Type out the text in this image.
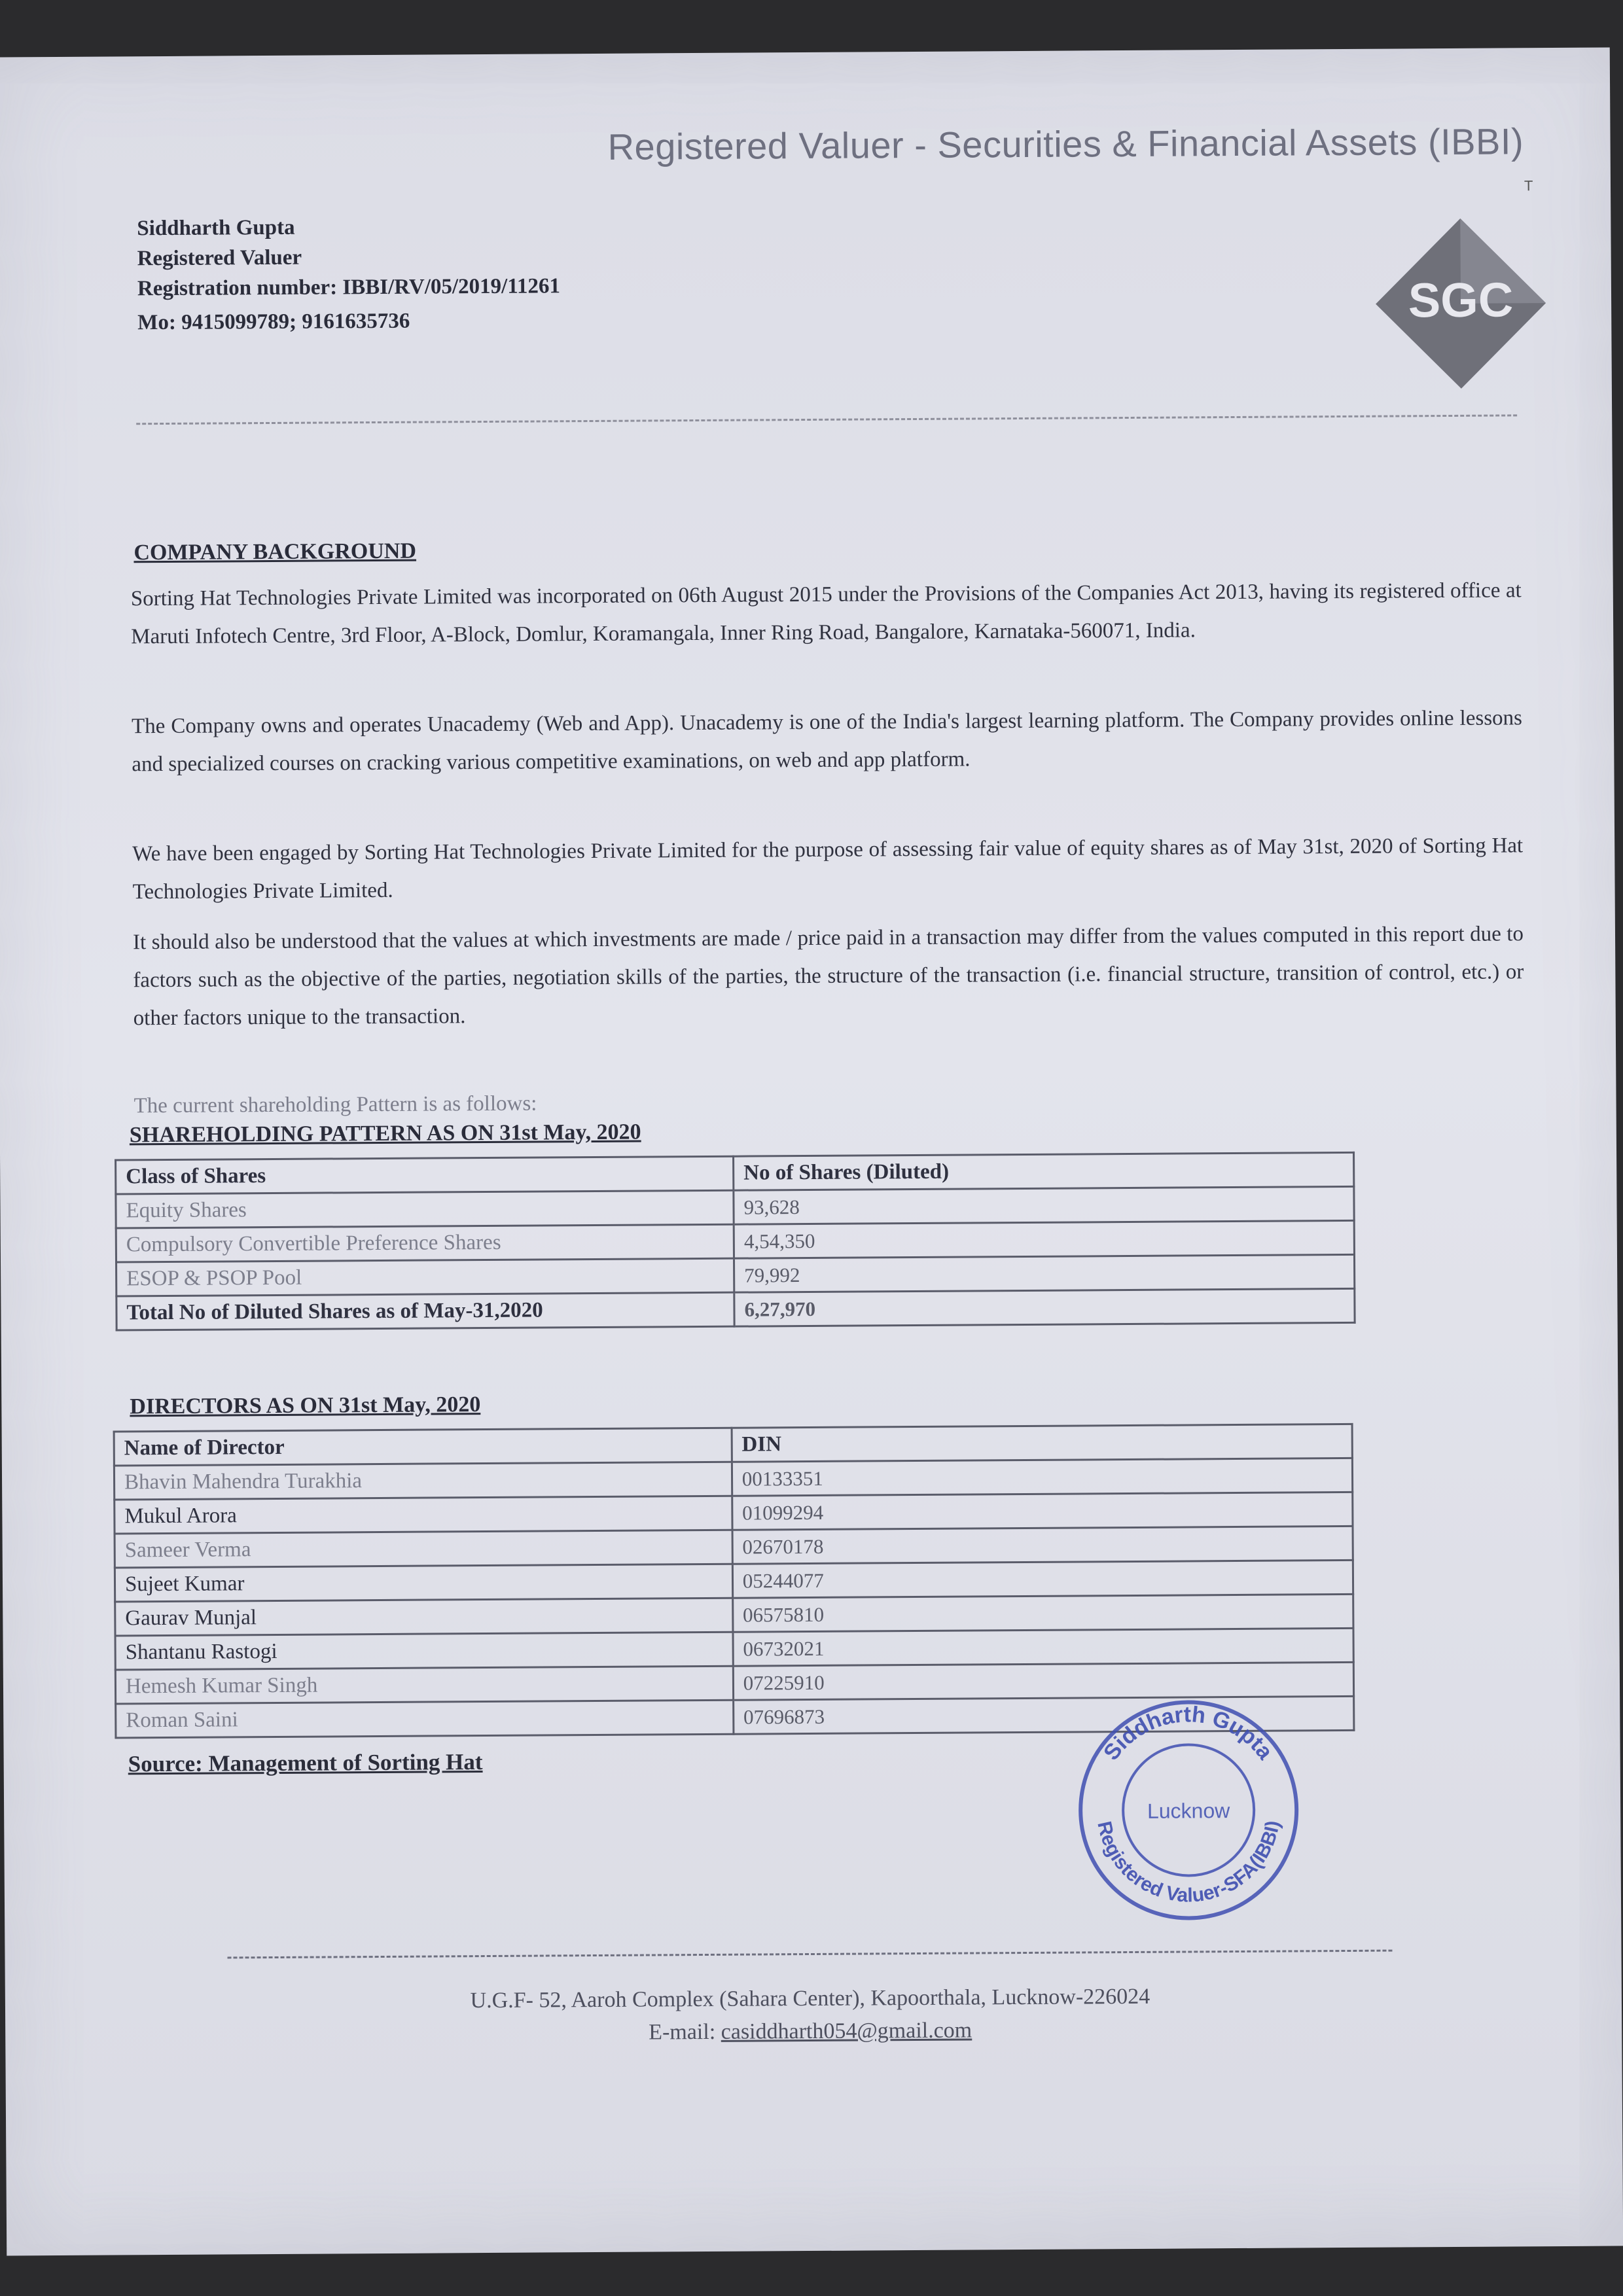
Registered Valuer - Securities & Financial Assets (IBBI)
T
Siddharth Gupta
Registered Valuer
Registration number: IBBI/RV/05/2019/11261
Mo: 9415099789; 9161635736	SGC
COMPANY BACKGROUND
Sorting Hat Technologies Private Limited was incorporated on 06th August 2015 under the Provisions of the Companies Act 2013, having its registered office at Maruti Infotech Centre, 3rd Floor, A-Block, Domlur, Koramangala, Inner Ring Road, Bangalore, Karnataka-560071, India.
The Company owns and operates Unacademy (Web and App). Unacademy is one of the India's largest learning platform. The Company provides online lessons and specialized courses on cracking various competitive examinations, on web and app platform.
We have been engaged by Sorting Hat Technologies Private Limited for the purpose of assessing fair value of equity shares as of May 31st, 2020 of Sorting Hat Technologies Private Limited.
It should also be understood that the values at which investments are made / price paid in a transaction may differ from the values computed in this report due to factors such as the objective of the parties, negotiation skills of the parties, the structure of the transaction (i.e. financial structure, transition of control, etc.) or other factors unique to the transaction.
The current shareholding Pattern is as follows:
SHAREHOLDING PATTERN AS ON 31st May, 2020
Class of Shares	No of Shares (Diluted)
Equity Shares	93,628
Compulsory Convertible Preference Shares	4,54,350
ESOP & PSOP Pool	79,992
Total No of Diluted Shares as of May-31,2020	6,27,970
DIRECTORS AS ON 31st May, 2020
Name of Director	DIN
Bhavin Mahendra Turakhia	00133351
Mukul Arora	01099294
Sameer Verma	02670178
Sujeet Kumar	05244077
Gaurav Munjal	06575810
Shantanu Rastogi	06732021
Hemesh Kumar Singh	07225910
Roman Saini	07696873
Source: Management of Sorting Hat	Siddharth Gupta
Registered Valuer-SFA(IBBI)
Lucknow
U.G.F- 52, Aaroh Complex (Sahara Center), Kapoorthala, Lucknow-226024
E-mail: casiddharth054@gmail.com
